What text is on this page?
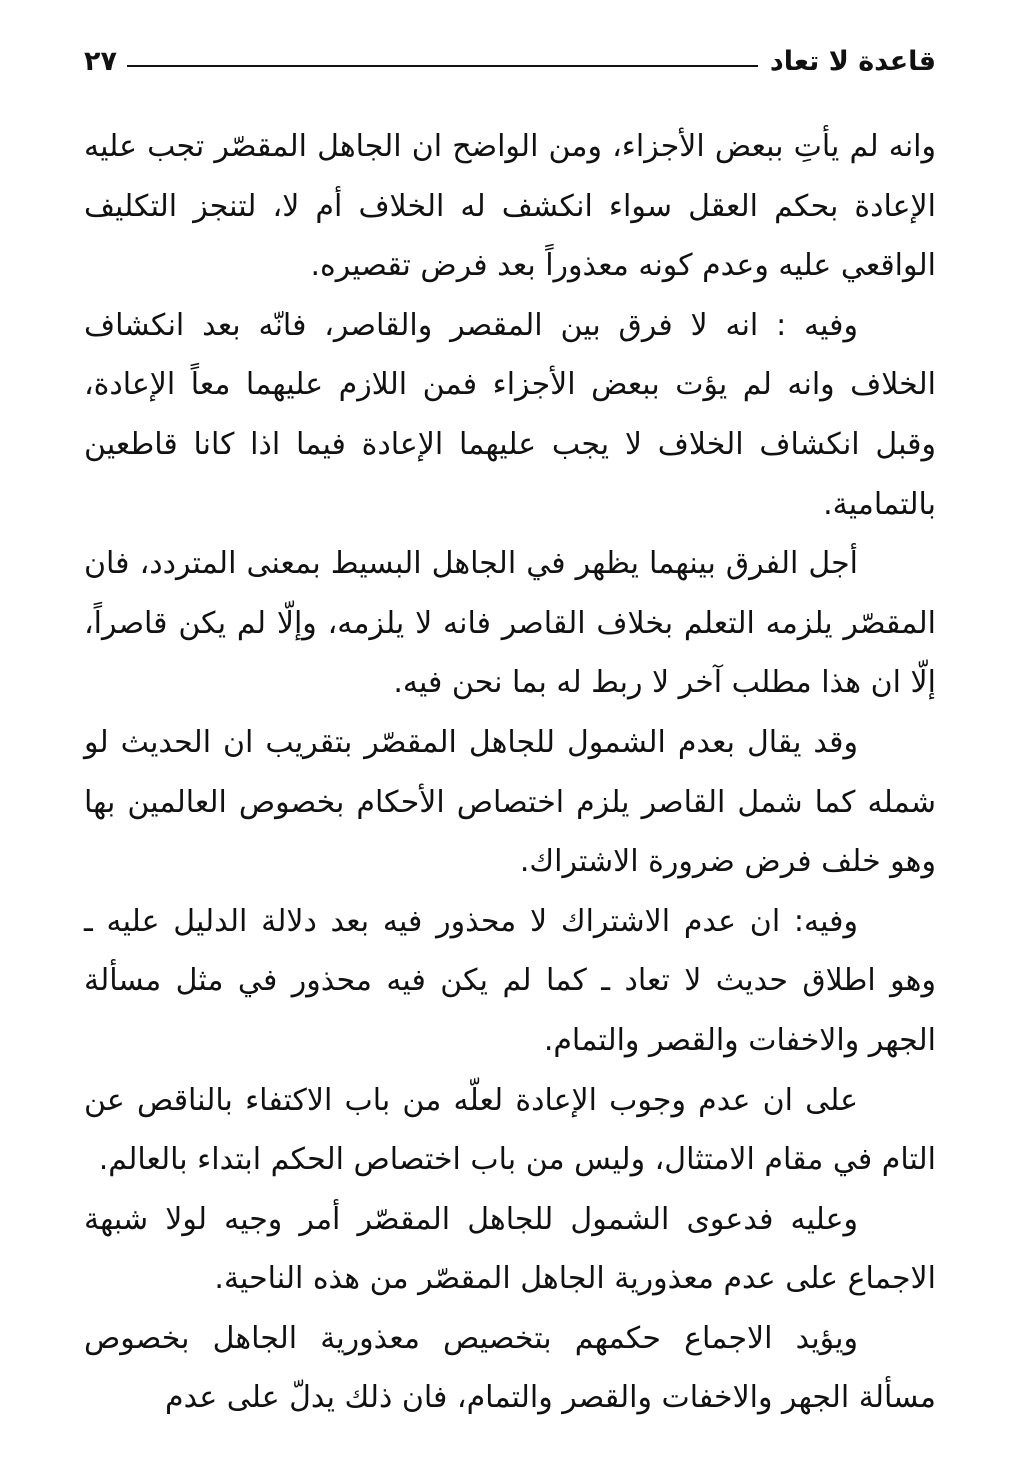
قاعدة لا تعاد
٢٧

وانه لم يأتِ ببعض الأجزاء، ومن الواضح ان الجاهل المقصّر تجب عليه الإعادة بحكم العقل سواء انكشف له الخلاف أم لا، لتنجز التكليف الواقعي عليه وعدم كونه معذوراً بعد فرض تقصيره.

وفيه : انه لا فرق بين المقصر والقاصر، فانّه بعد انكشاف الخلاف وانه لم يؤت ببعض الأجزاء فمن اللازم عليهما معاً الإعادة، وقبل انكشاف الخلاف لا يجب عليهما الإعادة فيما اذا كانا قاطعين بالتمامية.

أجل الفرق بينهما يظهر في الجاهل البسيط بمعنى المتردد، فان المقصّر يلزمه التعلم بخلاف القاصر فانه لا يلزمه، وإلّا لم يكن قاصراً، إلّا ان هذا مطلب آخر لا ربط له بما نحن فيه.

وقد يقال بعدم الشمول للجاهل المقصّر بتقريب ان الحديث لو شمله كما شمل القاصر يلزم اختصاص الأحكام بخصوص العالمين بها وهو خلف فرض ضرورة الاشتراك.

وفيه: ان عدم الاشتراك لا محذور فيه بعد دلالة الدليل عليه ـ وهو اطلاق حديث لا تعاد ـ كما لم يكن فيه محذور في مثل مسألة الجهر والاخفات والقصر والتمام.

على ان عدم وجوب الإعادة لعلّه من باب الاكتفاء بالناقص عن التام في مقام الامتثال، وليس من باب اختصاص الحكم ابتداء بالعالم.

وعليه فدعوى الشمول للجاهل المقصّر أمر وجيه لولا شبهة الاجماع على عدم معذورية الجاهل المقصّر من هذه الناحية.

ويؤيد الاجماع حكمهم بتخصيص معذورية الجاهل بخصوص مسألة الجهر والاخفات والقصر والتمام، فان ذلك يدلّ على عدم
